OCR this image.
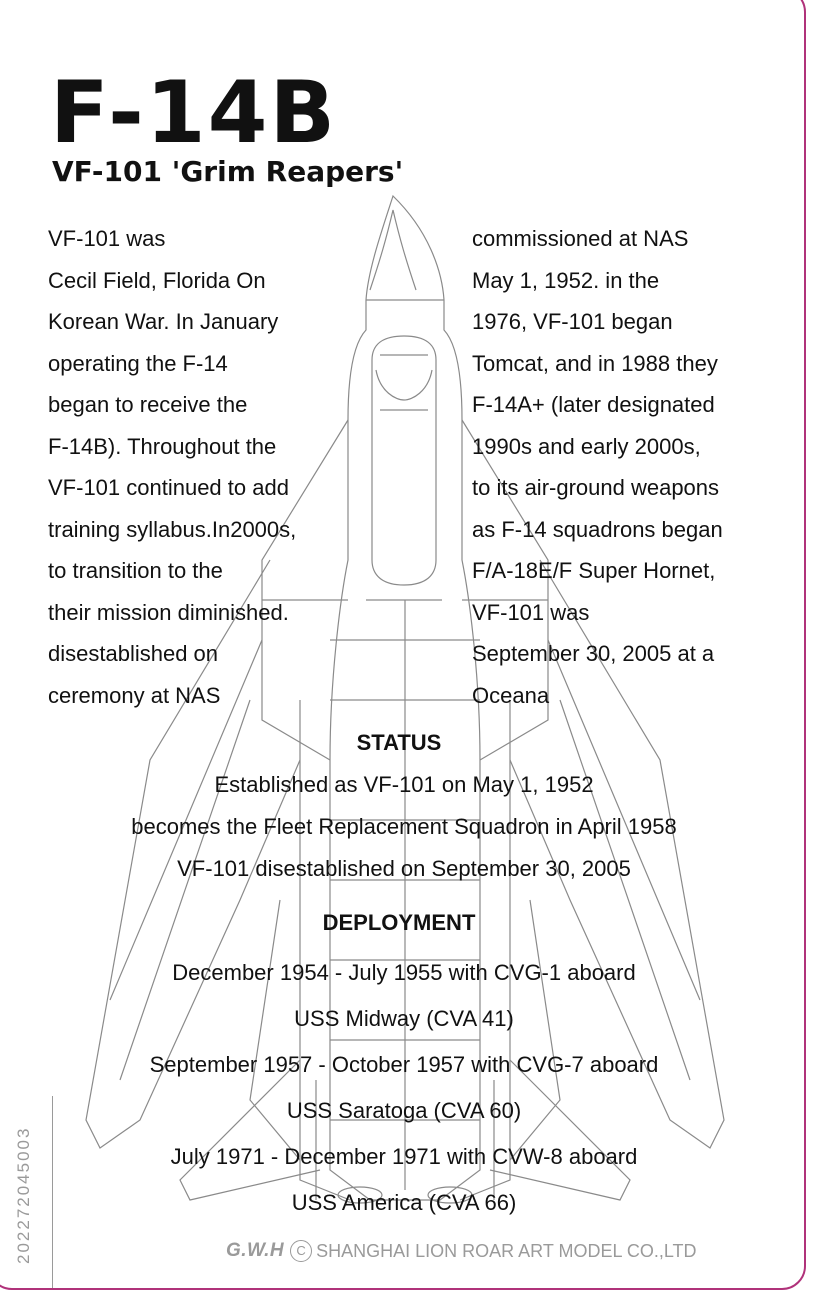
F-14B
VF-101 'Grim Reapers'
VF-101 was
Cecil Field, Florida On
Korean War. In January
operating the F-14
began to receive the
F-14B). Throughout the
VF-101 continued to add
training syllabus.In2000s,
to transition to the
their mission diminished.
disestablished on
ceremony at NAS
commissioned at NAS
May 1, 1952. in the
1976, VF-101 began
Tomcat, and in 1988 they
F-14A+ (later designated
1990s and early 2000s,
to its air-ground weapons
as F-14 squadrons began
F/A-18E/F Super Hornet,
VF-101 was
September 30, 2005 at a
Oceana
STATUS
Established as VF-101 on May 1, 1952
becomes the Fleet Replacement Squadron in April 1958
VF-101 disestablished on September 30, 2005
DEPLOYMENT
December 1954 - July 1955 with CVG-1 aboard
USS Midway (CVA 41)
September 1957 - October 1957 with CVG-7 aboard
USS Saratoga (CVA 60)
July 1971 - December 1971 with CVW-8 aboard
USS America (CVA 66)
202272045003	G.W.H C SHANGHAI LION ROAR ART MODEL CO.,LTD
